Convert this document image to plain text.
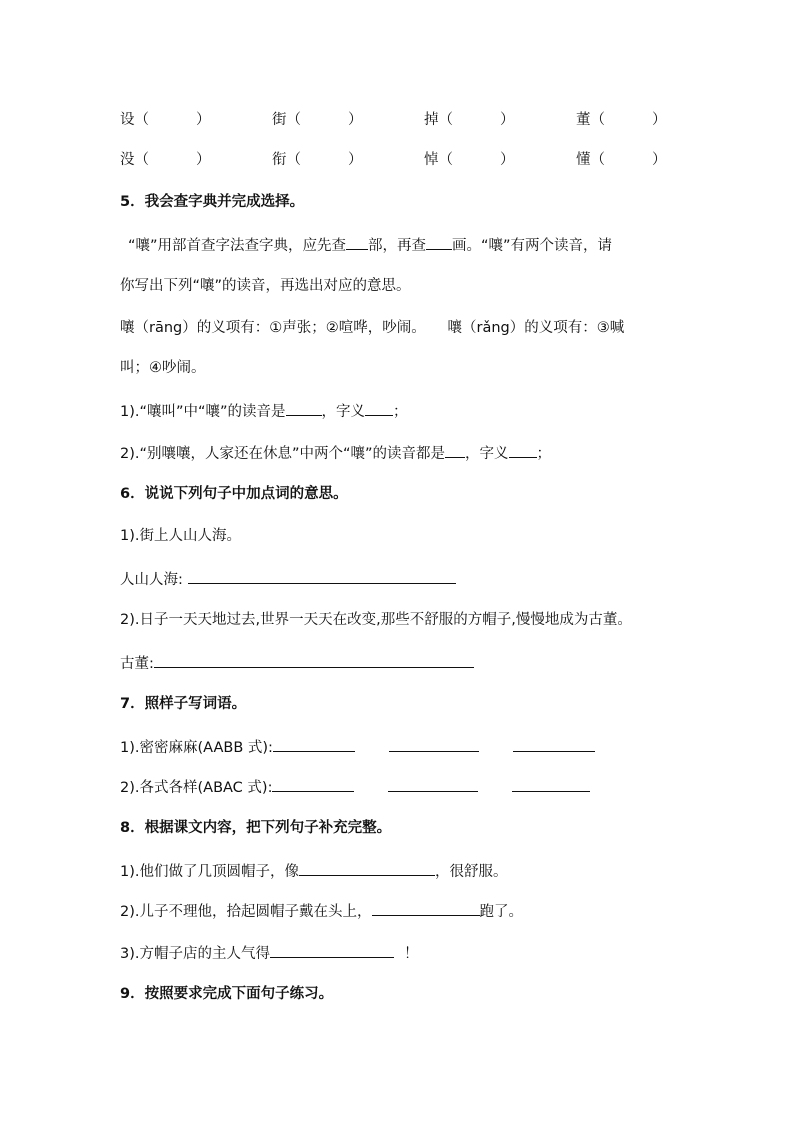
设（	）	街（	）	掉（	）	董（	）
没（	）	衔（	）	悼（	）	懂（	）
5．我会查字典并完成选择。
“嚷”用部首查字法查字典，应先查 部，再查 画。“嚷”有两个读音，请
你写出下列“嚷”的读音，再选出对应的意思。
嚷（rāng）的义项有：①声张；②喧哗，吵闹。　　嚷（rǎng）的义项有：③喊
叫；④吵闹。
1).“嚷叫”中“嚷”的读音是 ，字义 ；
2).“别嚷嚷，人家还在休息”中两个“嚷”的读音都是 ，字义 ；
6．说说下列句子中加点词的意思。
1).街上人山人海。
人山人海:
2).日子一天天地过去,世界一天天在改变,那些不舒服的方帽子,慢慢地成为古董。
古董:
7．照样子写词语。
1).密密麻麻(AABB 式):
2).各式各样(ABAC 式):
8．根据课文内容，把下列句子补充完整。
1).他们做了几顶圆帽子，像	，很舒服。
2).儿子不理他，拾起圆帽子戴在头上，	跑了。
3).方帽子店的主人气得	！
9．按照要求完成下面句子练习。
